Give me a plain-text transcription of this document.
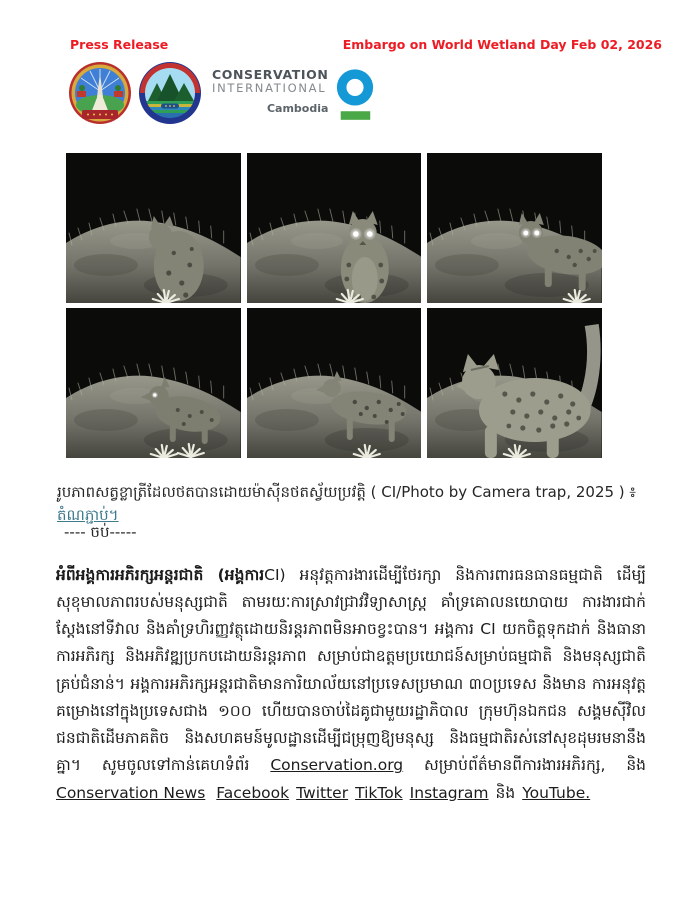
Press Release	Embargo on World Wetland Day Feb 02, 2026
CONSERVATION
INTERNATIONAL
Cambodia

រូបភាពសត្វខ្លាត្រីដែលថតបានដោយម៉ាស៊ីនថតស្វ័យប្រវត្តិ ( CI/Photo by Camera trap, 2025 ) ៖ តំណភ្ជាប់។

---- ចប់-----

អំពីអង្គការអភិរក្សអន្តរជាតិ (អង្គការCI) អនុវត្តការងារដើម្បីថែរក្សា និងការពារធនធានធម្មជាតិ ដើម្បីសុខុមាលភាពរបស់មនុស្សជាតិ តាមរយៈការស្រាវជ្រាវវិទ្យាសាស្ត្រ គាំទ្រគោលនយោបាយ ការងារជាក់ស្តែងនៅទីវាល និងគាំទ្រហិរញ្ញវត្ថុដោយនិរន្តរភាពមិនអាចខ្វះបាន។ អង្គការ CI យកចិត្តទុកដាក់ និងធានាការអភិរក្ស និងអភិវឌ្ឍប្រកបដោយនិរន្តរភាព សម្រាប់ជាឧត្តមប្រយោជន៍សម្រាប់ធម្មជាតិ និងមនុស្សជាតិគ្រប់ជំនាន់។ អង្គការអភិរក្សអន្តរជាតិមានការិយាល័យនៅប្រទេសប្រមាណ ៣០ប្រទេស និងមាន ការអនុវត្តគម្រោងនៅក្នុងប្រទេសជាង ១០០ ហើយបានចាប់ដៃគូជាមួយរដ្ឋាភិបាល ក្រុមហ៊ុនឯកជន សង្គមស៊ីវិល ជនជាតិដើមភាគតិច និងសហគមន៍មូលដ្ឋានដើម្បីជម្រុញឱ្យមនុស្ស និងធម្មជាតិរស់នៅសុខដុមរមនានឹងគ្នា។ សូមចូលទៅកាន់គេហទំព័រ Conservation.org សម្រាប់ព័ត៌មានពីការងារអភិរក្ស, និង Conservation News Facebook Twitter TikTok Instagram និង YouTube.
